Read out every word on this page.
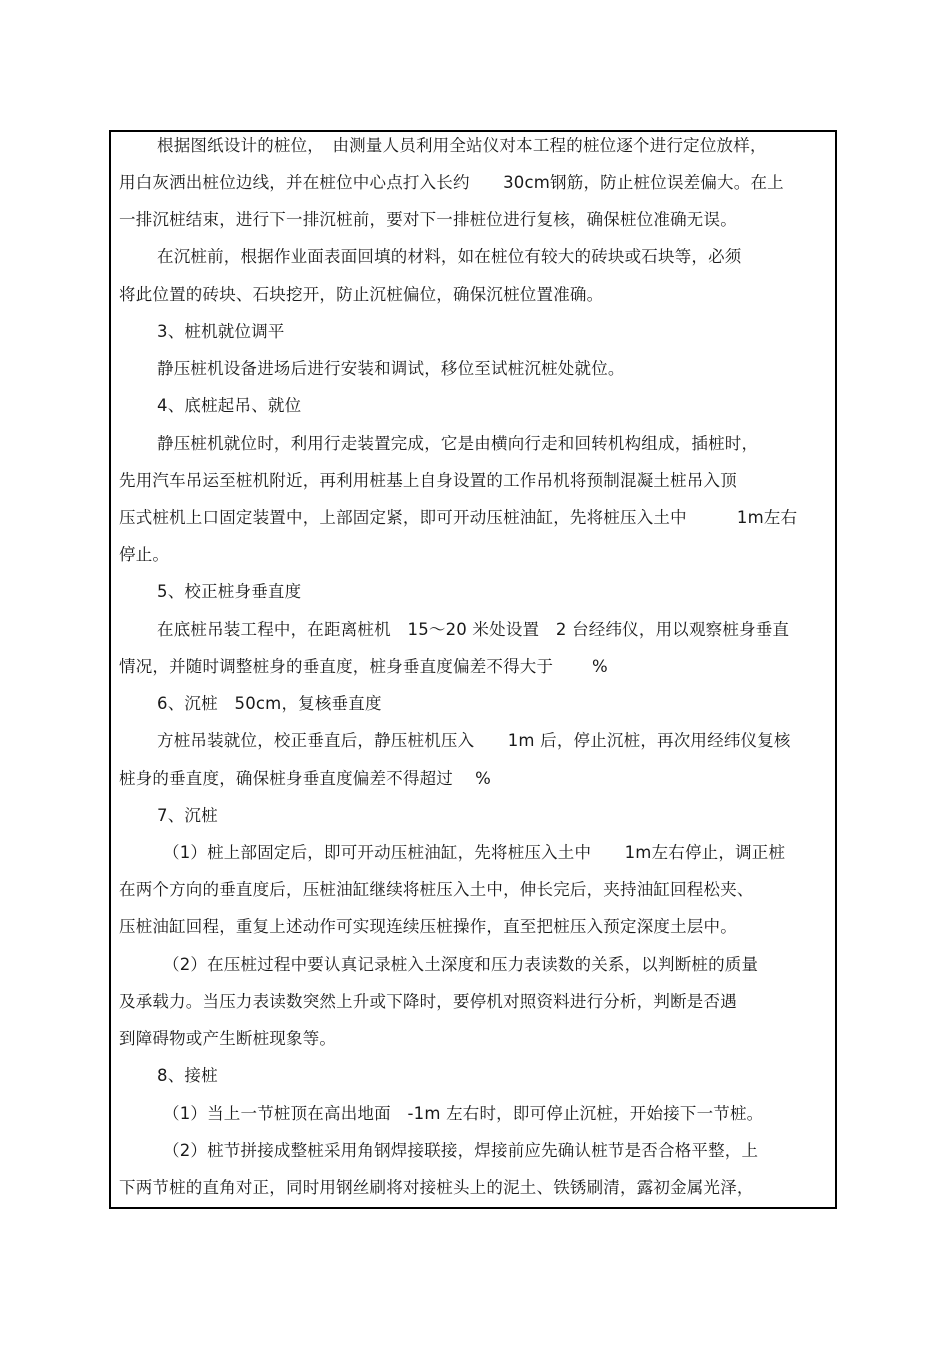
根据图纸设计的桩位，　由测量人员利用全站仪对本工程的桩位逐个进行定位放样，
用白灰洒出桩位边线，并在桩位中心点打入长约　　30cm钢筋，防止桩位误差偏大。在上
一排沉桩结束，进行下一排沉桩前，要对下一排桩位进行复核，确保桩位准确无误。
在沉桩前，根据作业面表面回填的材料，如在桩位有较大的砖块或石块等，必须
将此位置的砖块、石块挖开，防止沉桩偏位，确保沉桩位置准确。
3、桩机就位调平
静压桩机设备进场后进行安装和调试，移位至试桩沉桩处就位。
4、底桩起吊、就位
静压桩机就位时，利用行走装置完成，它是由横向行走和回转机构组成，插桩时，
先用汽车吊运至桩机附近，再利用桩基上自身设置的工作吊机将预制混凝土桩吊入顶
压式桩机上口固定装置中，上部固定紧，即可开动压桩油缸，先将桩压入土中　　　1m左右
停止。
5、校正桩身垂直度
在底桩吊装工程中，在距离桩机　15～20 米处设置　2 台经纬仪，用以观察桩身垂直
情况，并随时调整桩身的垂直度，桩身垂直度偏差不得大于　　 %
6、沉桩　50cm，复核垂直度
方桩吊装就位，校正垂直后，静压桩机压入　　1m 后，停止沉桩，再次用经纬仪复核
桩身的垂直度，确保桩身垂直度偏差不得超过　 %
7、沉桩
（1）桩上部固定后，即可开动压桩油缸，先将桩压入土中　　1m左右停止，调正桩
在两个方向的垂直度后，压桩油缸继续将桩压入土中，伸长完后，夹持油缸回程松夹、
压桩油缸回程，重复上述动作可实现连续压桩操作，直至把桩压入预定深度土层中。
（2）在压桩过程中要认真记录桩入土深度和压力表读数的关系，以判断桩的质量
及承载力。当压力表读数突然上升或下降时，要停机对照资料进行分析，判断是否遇
到障碍物或产生断桩现象等。
8、接桩
（1）当上一节桩顶在高出地面　-1m 左右时，即可停止沉桩，开始接下一节桩。
（2）桩节拼接成整桩采用角钢焊接联接，焊接前应先确认桩节是否合格平整，上
下两节桩的直角对正，同时用钢丝刷将对接桩头上的泥土、铁锈刷清，露初金属光泽，
